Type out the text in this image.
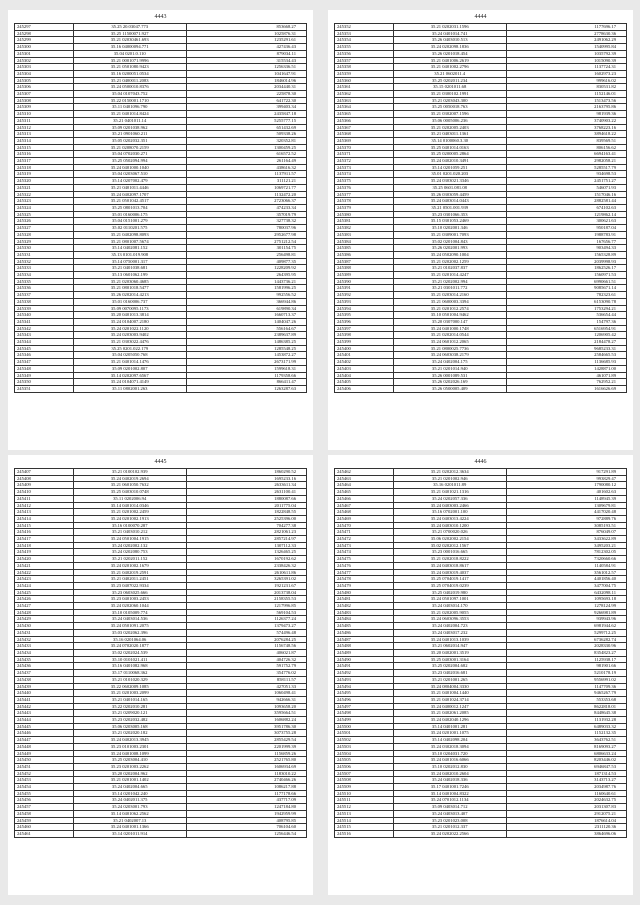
4443
245297	35.25 20.03047.773	853668.27
245298	35.25 11500071.927	1025876.31
245299	35.21 02030461.693	1235291.61
245300	35.16 04000094.771	427436.43
245301	35.04 0201.0.110	879034.11
245302	35.21 0001071.9996	315534.43
245303	35.21 0501080.9423	1256336.51
245304	35.16 0200051.0534	1041647.91
245305	35.21 0400011.2083	1846014.96
245306	35.24 0500010.8376	2034440.31
245307	35.04 0107043.752	225878.30
245308	35.22 0150001.1710	641722.30
245309	35.11 0401096.790	399403.34
245310	35.21 0401014.8424	2435847.18
245311	35.21 0401011.14	5255777.15
245312	35.09 0201038.962	651432.69
245313	35.21 0901060.211	509338.26
245314	35.05 0202032.351	320352.81
245315	35.21 0208070.2159	1300459.25
245316	35.04 0702030.271	616572.52
245317	35.25 0502094.994	261164.49
245318	35.24 0401000.1040	438616.32
245319	35.04 0203067.510	1137911.57
245320	35.14 0207002.479	311121.21
245321	35.21 0401011.4446	1069721.77
245322	35.24 0402097.1707	1132472.20
245323	35.21 0501042.4517	2723066.37
245324	35.25 0801013.704	474233.34
245325	35.01 0160006.175	357019.79
245326	35.04 0151001.279	327738.32
245327	35.02 0110201.575	780037.96
245328	35.21 0402098.8093	2952677.98
245329	35.21 0801007.5674	2751212.54
245330	35.14 0402081.152	301154.75
245331	35.13 0101.019.908	256498.81
245332	35.14 0750001.317	409877.35
245333	35.21 0401038.681	1228209.92
245334	35.13 0601062.199	264395.95
245335	35.21 0203060.4685	1443736.21
245336	35.21 0801018.5477	1581996.25
245337	35.26 0202014.4213	992556.52
245338	35.01 0160006.737	366944.86
245339	35.09 0070095.1173	619890.34
245340	35.20 0401013.3814	1660713.37
245341	35.24 0104007.2180	1404047.26
245342	35.24 0201022.1120	556164.67
245343	35.24 0203003.9402	2389637.89
245344	35.21 0303022.4476	1486385.25
245345	35.25 0201.022.179	1285548.25
245346	35.04 0205050.768	1453872.27
245347	35.21 0401014.1476	2673171.99
245348	35.09 0201002.807	1599618.31
245349	35.14 0202097.6567	1179358.66
245350	35.24 0104071.4149	866411.47
245351	35.11 0802001.263	1263287.63
4444
245352	35.21 0202031.1596	1177696.17
245353	35.24 0401014.741	2778630.36
245354	35.26 0403010.513	2491062.29
245355	35.24 0202098.1836	1540995.84
245356	35.26 0201018.454	1035792.39
245357	35.21 0401006.2619	1015090.39
245358	35.21 0401002.2796	1137724.31
245359	35.21 0602011.4	1602973.23
245360	35.25 0202011.234	999616.02
245361	35.15 0201011.68	830531.82
245362	35.21 0300102.1991	1152146.01
245363	35.21 0203043.300	1513473.56
245364	35.25 0050018.763	2163795.86
245365	35.21 0302007.1596	981939.36
245366	35.06 0005006.236	3740903.22
245367	35.21 0202005.2403	3768223.16
245368	35.21 0403011.1361	3894618.22
245369	35.14 0100060.3.30	839569.51
245370	35.25 0401014.0163	806156.62
245371	35.25 0200005.2864	6694163.41
245372	35.24 0402010.3491	2982058.21
245373	35.14 0201059.251	5285517.79
245374	35.01 0201.020.203	934698.53
245375	35.24 0303021.3346	2451751.27
245376	35.25 0601.081.08	546071.93
245377	35.26 0303059.4459	1517046.16
245378	35.24 0403014.0443	2882581.44
245379	35.21 0501.001.939	674102.63
245380	35.23 0301066.353	1219862.14
245381	35.15 0301053.2469	300621.63
245382	35.10 0202001.346	950187.04
245383	35.21 0309001.7093	1988783.91
245384	35.02 0201004.843	167656.77
245385	35.26 0202001.993	903494.33
245386	35.24 0502090.1004	1565328.89
245387	35.21 0202002.1259	2039998.93
245388	35.21 0102037.837	1862526.17
245389	35.21 0201014.4247	1560971.53
245390	35.21 0202002.994	6990661.51
245391	35.21 0301011.772	9085671.14
245392	35.21 0203014.2160	782323.61
245393	35.21 0600003.3394	6153090.78
245394	35.21 0201012.2574	1753294.21
245395	35.10 0501004.9462	536654.44
245396	35.20 0307000.147	154797.36
245397	35.24 0401000.1748	6516954.91
245398	35.21 0202014.0544	1206905.42
245399	35.24 0601012.2065	2184478.27
245400	35.21 0800025.7736	9685233.31
245401	35.24 0603038.2179	2584665.53
245402	35.24 0402004.175	1136685.93
245403	35.21 0201014.940	1428871.00
245404	35.26 0001089.531	461071.89
245405	35.26 0202026.169	762952.21
245406	35.26 0500005.409	1616626.69
4445
245407	35.21 0100102.939	1860290.52
245408	35.24 0402019.2694	1695233.16
245409	35.21 0601050.7632	2633611.34
245410	35.25 0403010.0748	2631100.41
245411	35.11 0202006.94	1880087.66
245412	35.14 0401014.0346	2011775.04
245413	35.21 0201002.2459	1822848.55
245414	35.24 0201002.1913	2525396.00
245415	35.16 0100070.287	704277.38
245416	35.21 0403010.212	2821061.23
245417	35.24 0501004.1915	2857214.97
245418	35.24 0202002.132	1307112.33
245419	35.24 0202080.753	1326465.25
245420	35.21 0202011.152	1670192.62
245421	35.24 0201002.1679	2338426.32
245422	35.21 0402019.2591	2610611.86
245423	35.21 0402011.2451	3265391.02
245424	35.23 0407022.9334	1921231.67
245425	35.23 0603025.666	2013738.04
245426	35.23 0401003.2453	2158355.53
245427	35.24 0202060.1044	1217996.85
245428	35.10 0105009.774	569104.53
245429	35.24 0403014.536	1126377.24
245430	35.24 0501091.2075	1379473.27
245431	35.03 0202062.396	574496.48
245432	35.16 0201064.06	2076284.25
245433	35.24 0702020.1877	1156748.56
245434	35.02 0202024.539	406021.87
245435	35.10 0101021.411	404726.32
245436	35.16 0401082.968	591752.79
245437	35.17 0110068.362	354776.02
245438	35.21 0101020.329	858111.57
245439	35.22 0602009.1085	427051.33
245440	35.21 0201003.2099	1060498.41
245441	35.21 0401014.165	942666.31
245442	35.22 0202010.281	1093658.20
245443	35.21 0209020.121	3595664.51
245444	35.23 0202032.482	1606882.24
245445	35.06 0203005.168	3951786.30
245446	35.21 0202020.182	3073755.28
245447	35.24 0402013.3945	2855429.54
245448	35.23 0101003.2301	2201999.39
245449	35.24 0401008.1099	1156859.26
245450	35.25 0203004.410	2521765.80
245451	35.23 0201003.2262	1606934.69
245452	35.20 0202004.962	1183010.22
245453	35.21 0201001.1402	2740466.26
245454	35.24 0402004.665	1086217.88
245455	35.14 0201042.240	1177178.66
245456	35.24 0402011.375	437717.09
245457	35.24 0203001.793	1247184.80
245458	35.14 0401062.2562	1942959.99
245459	35.21 0402007.13	408795.85
245460	35.24 0401001.1366	706104.60
245461	35.14 0201011.914	1256446.54
4446
245462	35.21 0202012.3634	917291.89
245463	35.21 0201002.946	993829.47
245464	35.16 0201011.89	1790080.12
245465	35.21 0401021.1316	401602.63
245466	35.24 0202057.336	1148945.39
245467	35.24 0403003.2466	1309679.81
245468	35.16 0702001.100	4417020.48
245469	35.24 0403013.4224	972889.76
245470	35.24 0403010.1200	3085193.51
245471	35.21 0700020.026	876049.07
245472	35.06 0202002.2154	3433622.89
245473	35.02 0202012.1567	3495203.21
245474	35.23 0001016.665	7812302.05
245475	35.21 0202018.8222	7320660.66
245476	35.24 0403018.8617	1140584.91
245477	35.24 0403019.4037	3561012.57
245478	35.25 0704019.1417	4401856.40
245479	35.25 0704019.0239	3477004.75
245480	35.25 0402019.980	6432098.11
245481	35.24 0501097.1001	1095693.18
245482	35.24 0403014.170	1278124.99
245483	35.21 0202005.9055	9266981.89
245484	35.24 0603096.3553	939943.96
245485	35.24 0402004.723	6981944.62
245486	35.24 0403017.232	5299712.25
245487	35.24 0401013.1039	6736282.74
245488	35.21 0602014.947	2028330.96
245489	35.20 0402001.3519	8354823.27
245490	35.25 0403001.3164	1125938.17
245491	35.25 0202004.682	981901.66
245492	35.23 0402016.681	5210178.19
245493	35.21 0201001.265	9556991.02
245494	35.24 0804004.3330	1147709.36
245495	35.21 0401004.1440	9465267.79
245496	35.21 0401024.3714	553353.68
245497	35.24 0400012.1247	8622818.01
245498	35.21 0402061.2085	8448645.38
245499	35.24 0402040.1296	1131932.28
245500	35.14 0401001.281	6489033.32
245501	35.24 0201001.1075	1152132.35
245502	35.14 0402098.204	3643762.51
245503	35.24 0302018.3094	8169093.27
245504	35.10 0204031.720	6806633.24
245505	35.24 0401016.6066	8203446.02
245506	35.10 0202012.830	6946847.53
245507	35.24 0402010.2604	1871314.53
245508	35.24 0402018.336	3143713.27
245509	35.17 0401001.7246	2034987.76
245510	35.14 0401004.8322	1160640.61
245511	35.24 0701012.1134	2024632.75
245512	35.09 0403014.712	2031307.83
245513	35.24 0403013.407	2912075.21
245514	35.23 0201023.008	1876614.04
245515	35.21 0201012.337	2311120.36
245516	35.24 0202022.2566	3864696.06
